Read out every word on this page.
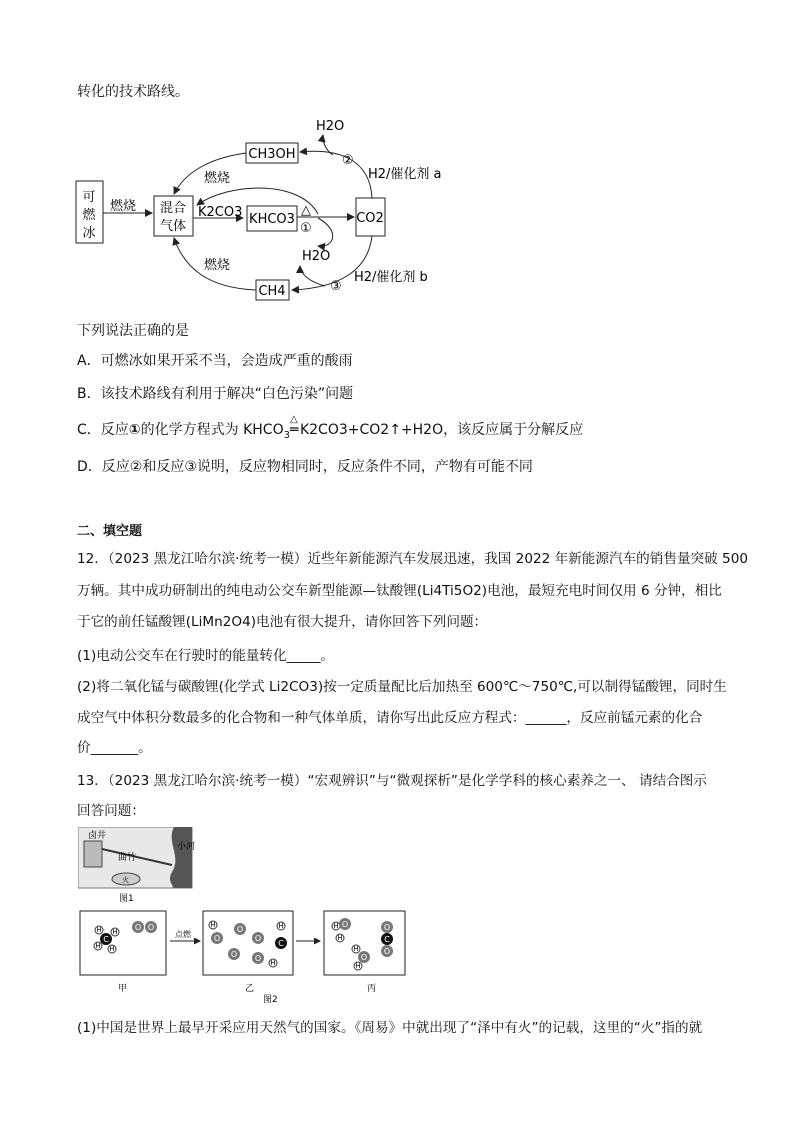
转化的技术路线。
可
燃
冰
燃烧 混合
气体
K2CO3 KHCO3
△
①
CO2
CH3OH
H2/催化剂 a
②
H2O
燃烧
H2/催化剂 b
③
H2O
CH4
燃烧
下列说法正确的是
A．可燃冰如果开采不当，会造成严重的酸雨
B．该技术路线有利用于解决“白色污染”问题
C．反应①的化学方程式为 $KHCO_3$
△
═ K2CO3+CO2↑+H2O，该反应属于分解反应
D．反应②和反应③说明，反应物相同时，反应条件不同，产物有可能不同
二、填空题
12．（2023 黑龙江哈尔滨·统考一模）近些年新能源汽车发展迅速，我国 2022 年新能源汽车的销售量突破 500
万辆。其中成功研制出的纯电动公交车新型能源—钛酸锂(Li4Ti5O2)电池，最短充电时间仅用 6 分钟，相比
于它的前任锰酸锂(LiMn2O4)电池有很大提升，请你回答下列问题：
(1)电动公交车在行驶时的能量转化_____。
(2)将二氧化锰与碳酸锂(化学式 Li2CO3)按一定质量配比后加热至 600℃～750℃,可以制得锰酸锂，同时生
成空气中体积分数最多的化合物和一种气体单质，请你写出此反应方程式：______，反应前锰元素的化合
价_______。
13．（2023 黑龙江哈尔滨·统考一模）“宏观辨识”与“微观探析”是化学学科的核心素养之一、 请结合图示
回答问题：
卤井
曲竹
小河
火
图1
C
H H
H H
O O
点燃
H
O
O
O
C
H
O O H
H O
H
O
C
O
H
O
H
甲	乙	丙
图2
(1)中国是世界上最早开采应用天然气的国家。《周易》中就出现了“泽中有火”的记载，这里的“火”指的就
